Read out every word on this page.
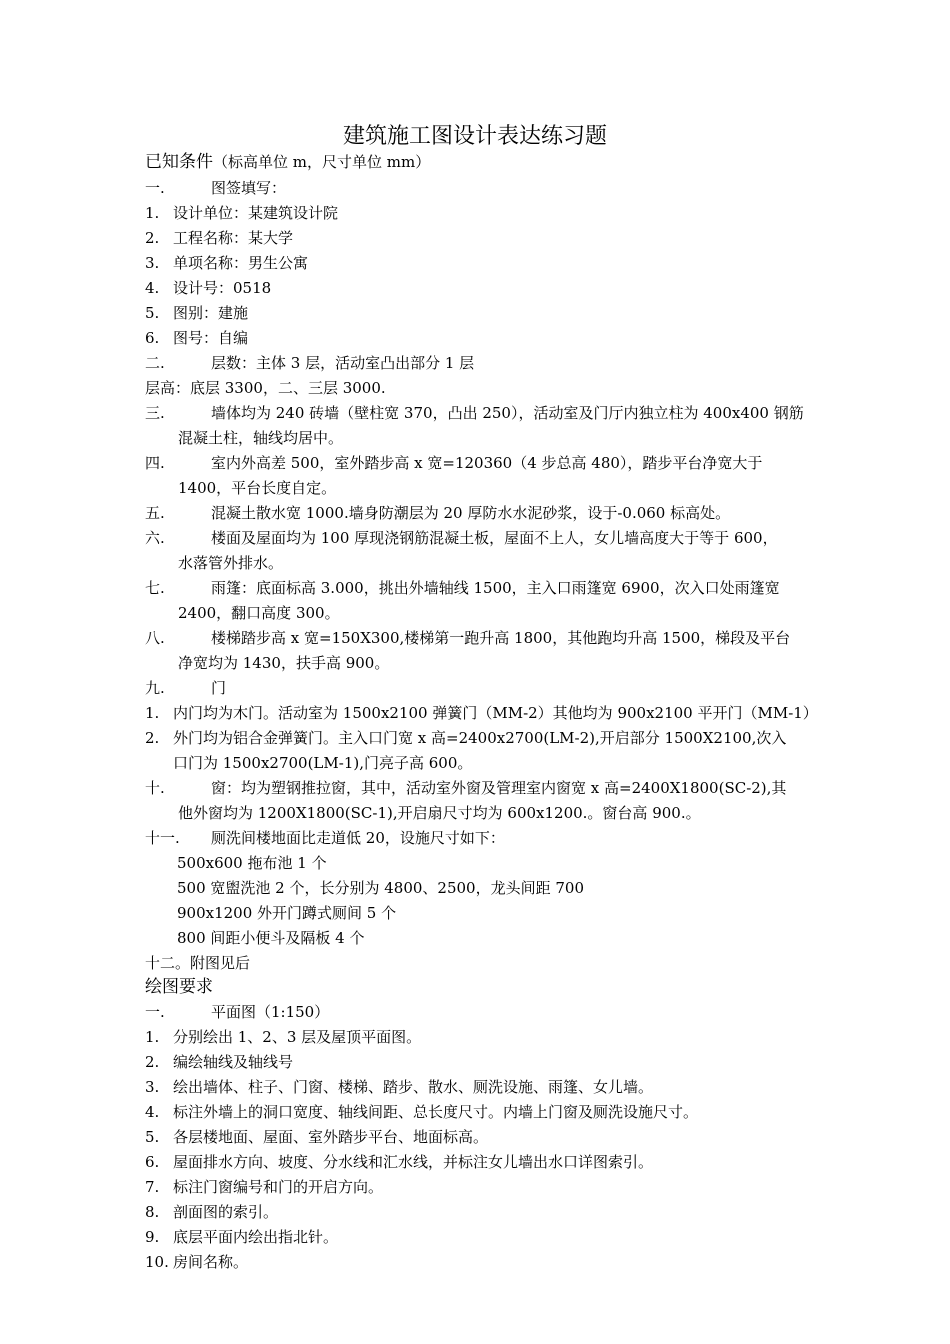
建筑施工图设计表达练习题
已知条件（标高单位 m，尺寸单位 mm）
一.	图签填写：
1. 设计单位：某建筑设计院
2. 工程名称：某大学
3. 单项名称：男生公寓
4. 设计号：0518
5. 图别：建施
6. 图号：自编
二.	层数：主体 3 层，活动室凸出部分 1 层
层高：底层 3300，二、三层 3000.
三.	墙体均为 240 砖墙（壁柱宽 370，凸出 250），活动室及门厅内独立柱为 400x400 钢筋
混凝土柱，轴线均居中。
四.	室内外高差 500，室外踏步高 x 宽=120360（4 步总高 480），踏步平台净宽大于
1400，平台长度自定。
五.	混凝土散水宽 1000.墙身防潮层为 20 厚防水水泥砂浆，设于-0.060 标高处。
六.	楼面及屋面均为 100 厚现浇钢筋混凝土板，屋面不上人，女儿墙高度大于等于 600，
水落管外排水。
七.	雨篷：底面标高 3.000，挑出外墙轴线 1500，主入口雨篷宽 6900，次入口处雨篷宽
2400，翻口高度 300。
八.	楼梯踏步高 x 宽=150X300,楼梯第一跑升高 1800，其他跑均升高 1500，梯段及平台
净宽均为 1430，扶手高 900。
九.	门
1. 内门均为木门。活动室为 1500x2100 弹簧门（MM-2）其他均为 900x2100 平开门（MM-1）
2. 外门均为铝合金弹簧门。主入口门宽 x 高=2400x2700(LM-2),开启部分 1500X2100,次入
口门为 1500x2700(LM-1),门亮子高 600。
十.	窗：均为塑钢推拉窗，其中，活动室外窗及管理室内窗宽 x 高=2400X1800(SC-2),其
他外窗均为 1200X1800(SC-1),开启扇尺寸均为 600x1200.。窗台高 900.。
十一. 厕洗间楼地面比走道低 20，设施尺寸如下：
500x600 拖布池 1 个
500 宽盥洗池 2 个，长分别为 4800、2500，龙头间距 700
900x1200 外开门蹲式厕间 5 个
800 间距小便斗及隔板 4 个
十二。附图见后
绘图要求
一.	平面图（1:150）
1. 分别绘出 1、2、3 层及屋顶平面图。
2. 编绘轴线及轴线号
3. 绘出墙体、柱子、门窗、楼梯、踏步、散水、厕洗设施、雨篷、女儿墙。
4. 标注外墙上的洞口宽度、轴线间距、总长度尺寸。内墙上门窗及厕洗设施尺寸。
5. 各层楼地面、屋面、室外踏步平台、地面标高。
6. 屋面排水方向、坡度、分水线和汇水线，并标注女儿墙出水口详图索引。
7. 标注门窗编号和门的开启方向。
8. 剖面图的索引。
9. 底层平面内绘出指北针。
10. 房间名称。
